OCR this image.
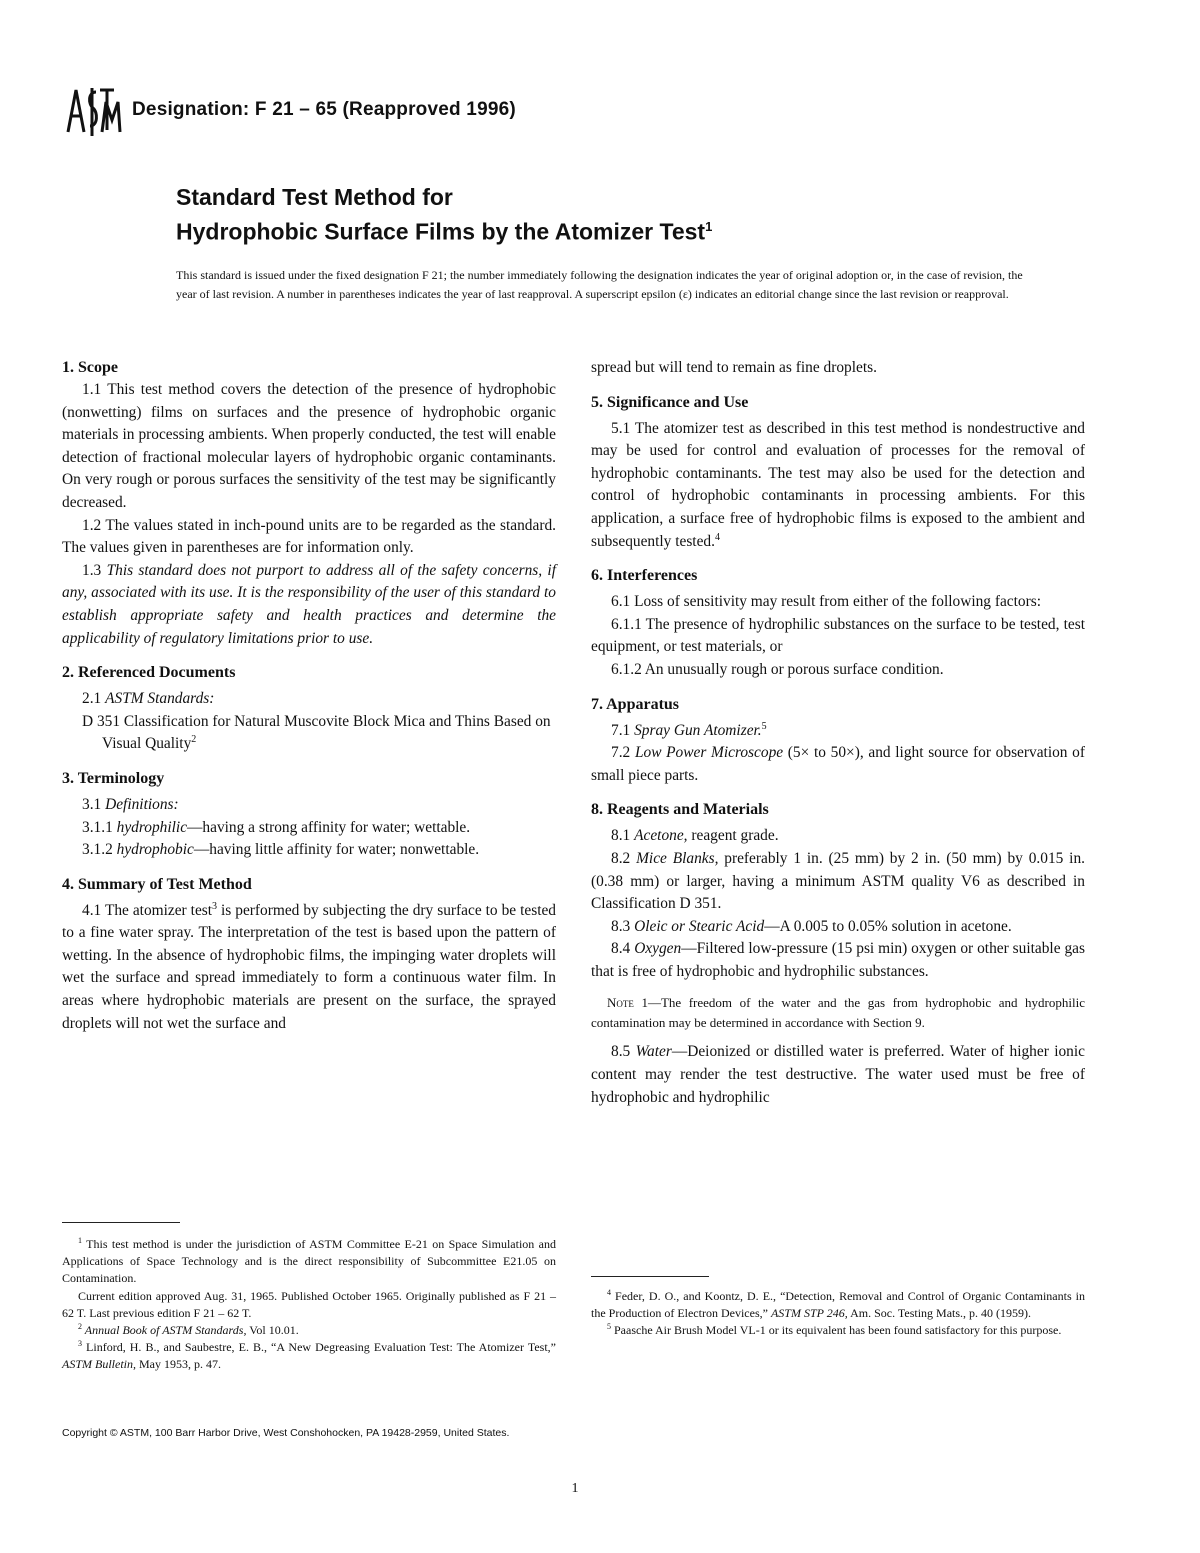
Designation: F 21 – 65 (Reapproved 1996)
Standard Test Method for
Hydrophobic Surface Films by the Atomizer Test$^1$
This standard is issued under the fixed designation F 21; the number immediately following the designation indicates the year of original adoption or, in the case of revision, the year of last revision. A number in parentheses indicates the year of last reapproval. A superscript epsilon (ε) indicates an editorial change since the last revision or reapproval.
1. Scope

1.1 This test method covers the detection of the presence of hydrophobic (nonwetting) films on surfaces and the presence of hydrophobic organic materials in processing ambients. When properly conducted, the test will enable detection of fractional molecular layers of hydrophobic organic contaminants. On very rough or porous surfaces the sensitivity of the test may be significantly decreased.

1.2 The values stated in inch-pound units are to be regarded as the standard. The values given in parentheses are for information only.

1.3 This standard does not purport to address all of the safety concerns, if any, associated with its use. It is the responsibility of the user of this standard to establish appropriate safety and health practices and determine the applicability of regulatory limitations prior to use.

2. Referenced Documents

2.1 ASTM Standards:

D 351 Classification for Natural Muscovite Block Mica and Thins Based on Visual Quality$^2$

3. Terminology

3.1 Definitions:

3.1.1 hydrophilic—having a strong affinity for water; wettable.

3.1.2 hydrophobic—having little affinity for water; nonwettable.

4. Summary of Test Method

4.1 The atomizer test$^3$ is performed by subjecting the dry surface to be tested to a fine water spray. The interpretation of the test is based upon the pattern of wetting. In the absence of hydrophobic films, the impinging water droplets will wet the surface and spread immediately to form a continuous water film. In areas where hydrophobic materials are present on the surface, the sprayed droplets will not wet the surface and

spread but will tend to remain as fine droplets.

5. Significance and Use

5.1 The atomizer test as described in this test method is nondestructive and may be used for control and evaluation of processes for the removal of hydrophobic contaminants. The test may also be used for the detection and control of hydrophobic contaminants in processing ambients. For this application, a surface free of hydrophobic films is exposed to the ambient and subsequently tested.$^4$

6. Interferences

6.1 Loss of sensitivity may result from either of the following factors:

6.1.1 The presence of hydrophilic substances on the surface to be tested, test equipment, or test materials, or

6.1.2 An unusually rough or porous surface condition.

7. Apparatus

7.1 Spray Gun Atomizer.$^5$

7.2 Low Power Microscope (5× to 50×), and light source for observation of small piece parts.

8. Reagents and Materials

8.1 Acetone, reagent grade.

8.2 Mice Blanks, preferably 1 in. (25 mm) by 2 in. (50 mm) by 0.015 in. (0.38 mm) or larger, having a minimum ASTM quality V6 as described in Classification D 351.

8.3 Oleic or Stearic Acid—A 0.005 to 0.05% solution in acetone.

8.4 Oxygen—Filtered low-pressure (15 psi min) oxygen or other suitable gas that is free of hydrophobic and hydrophilic substances.

Note 1—The freedom of the water and the gas from hydrophobic and hydrophilic contamination may be determined in accordance with Section 9.

8.5 Water—Deionized or distilled water is preferred. Water of higher ionic content may render the test destructive. The water used must be free of hydrophobic and hydrophilic

$^1$ This test method is under the jurisdiction of ASTM Committee E-21 on Space Simulation and Applications of Space Technology and is the direct responsibility of Subcommittee E21.05 on Contamination.

Current edition approved Aug. 31, 1965. Published October 1965. Originally published as F 21 – 62 T. Last previous edition F 21 – 62 T.

$^2$ Annual Book of ASTM Standards, Vol 10.01.

$^3$ Linford, H. B., and Saubestre, E. B., “A New Degreasing Evaluation Test: The Atomizer Test,” ASTM Bulletin, May 1953, p. 47.

$^4$ Feder, D. O., and Koontz, D. E., “Detection, Removal and Control of Organic Contaminants in the Production of Electron Devices,” ASTM STP 246, Am. Soc. Testing Mats., p. 40 (1959).

$^5$ Paasche Air Brush Model VL-1 or its equivalent has been found satisfactory for this purpose.

Copyright © ASTM, 100 Barr Harbor Drive, West Conshohocken, PA 19428-2959, United States.
1
